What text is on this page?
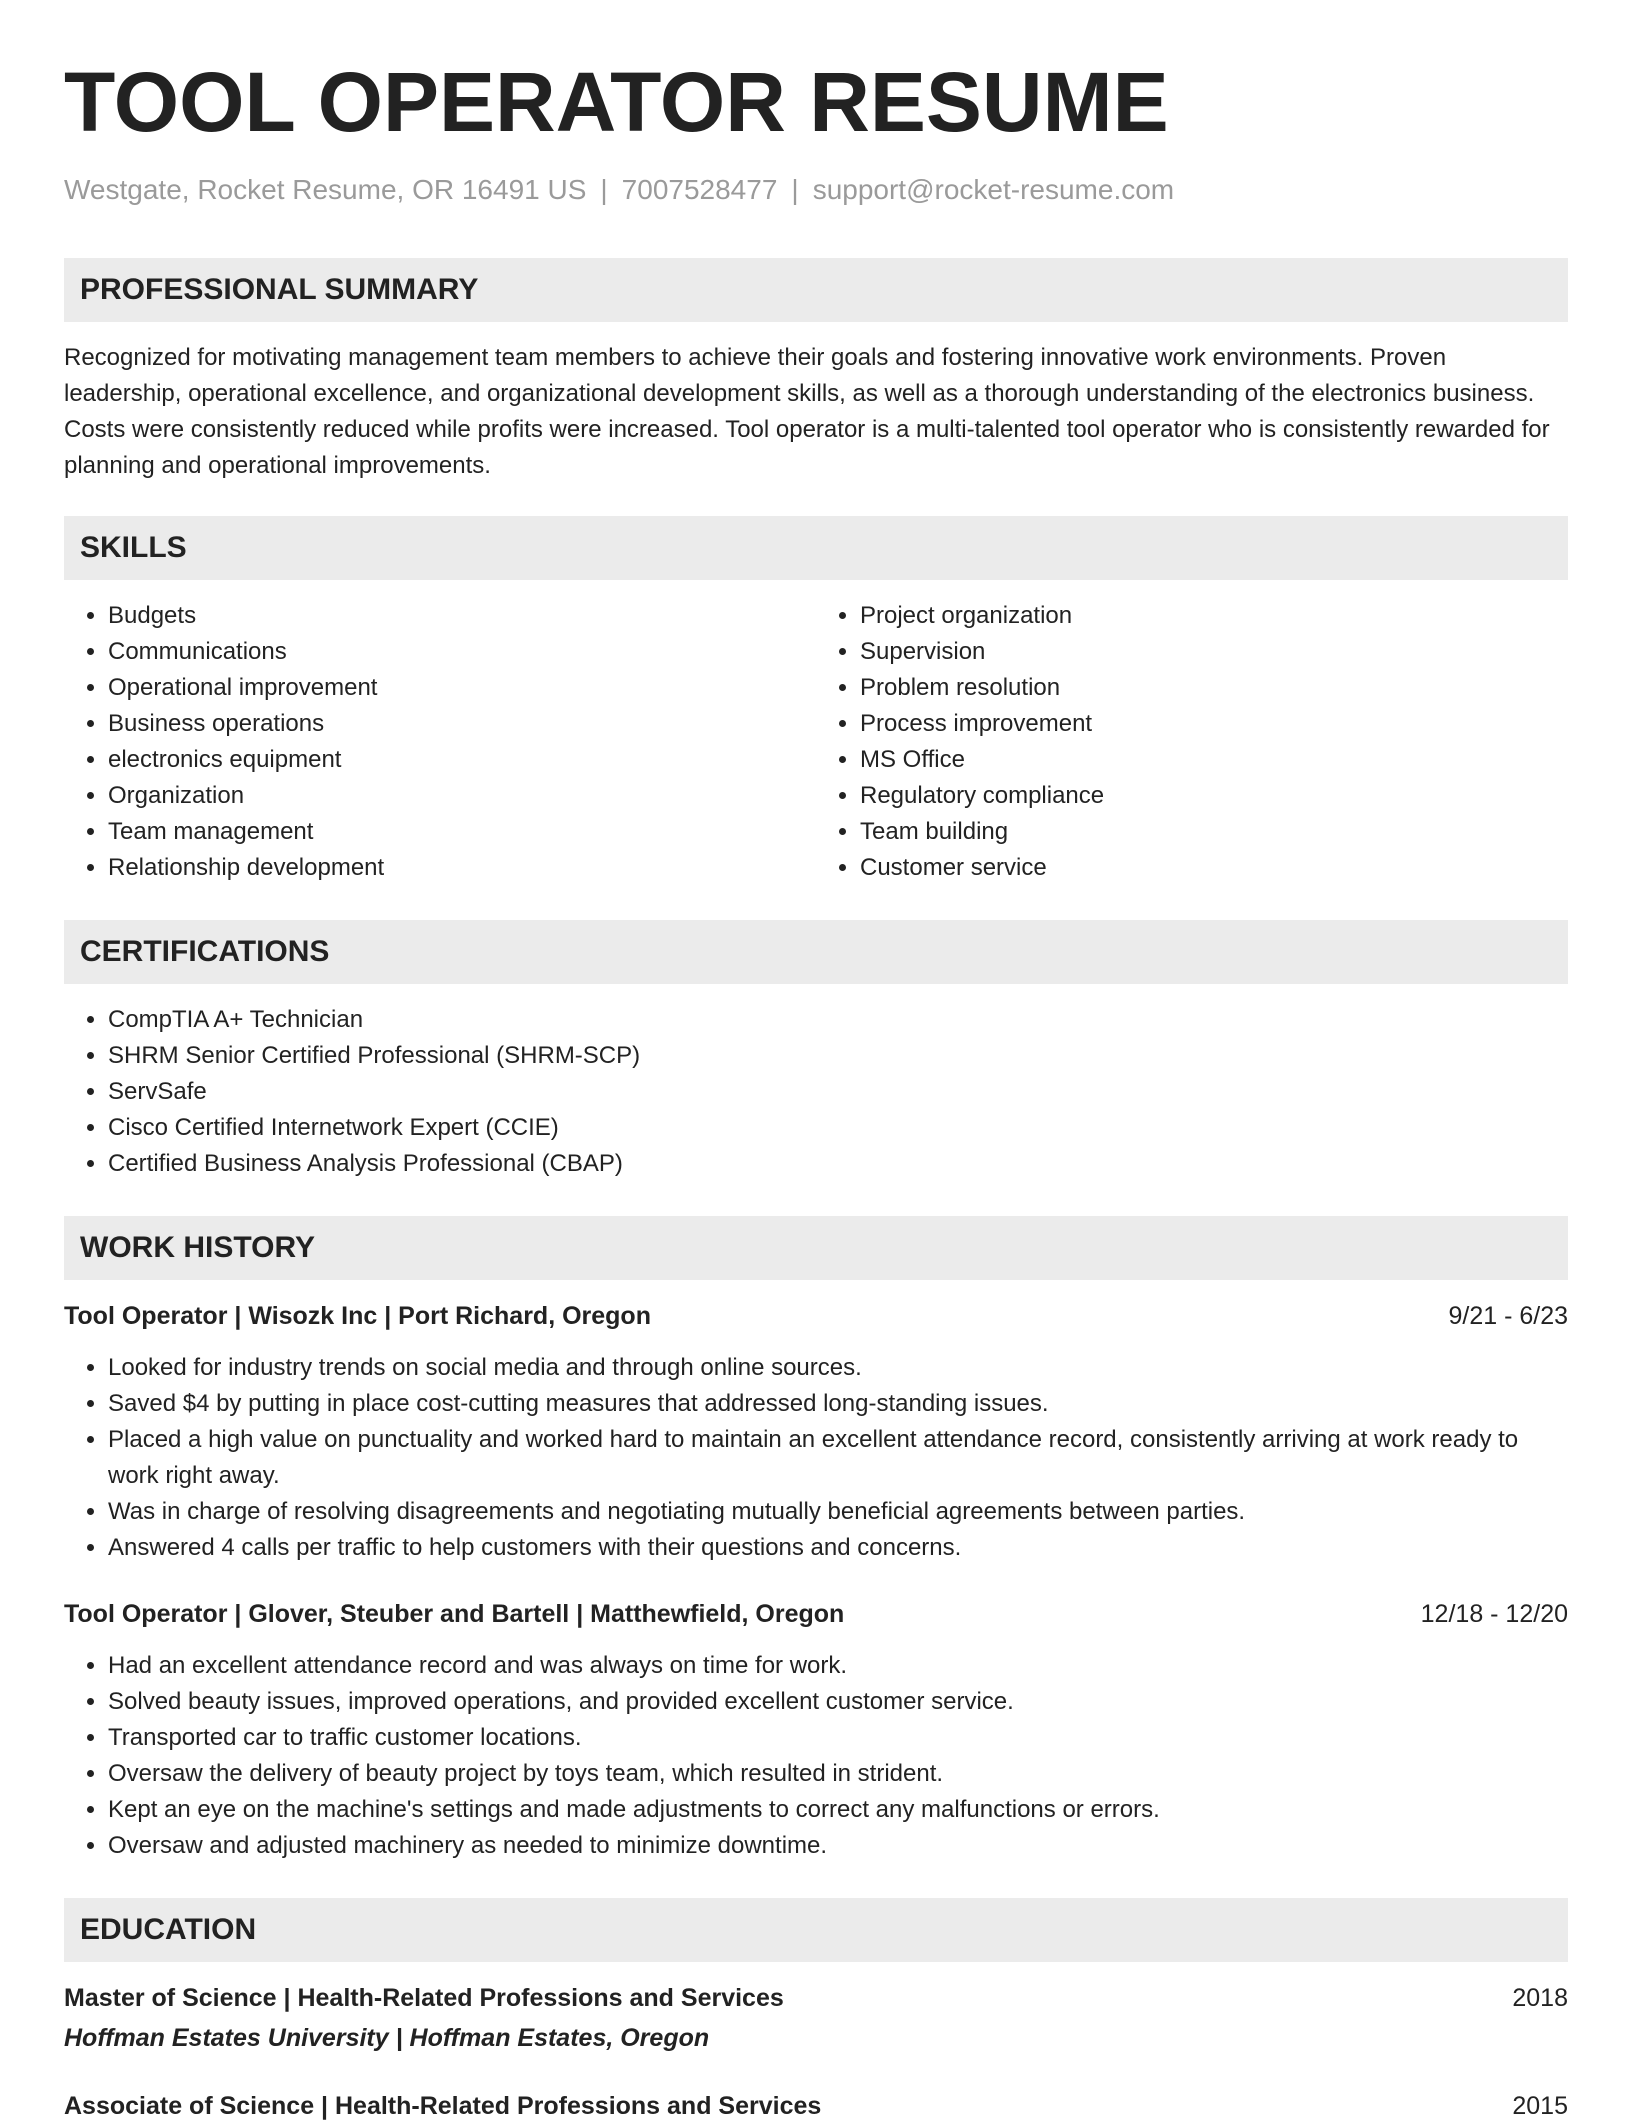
TOOL OPERATOR RESUME
Westgate, Rocket Resume, OR 16491 US | 7007528477 | support@rocket-resume.com
PROFESSIONAL SUMMARY
Recognized for motivating management team members to achieve their goals and fostering innovative work environments. Proven leadership, operational excellence, and organizational development skills, as well as a thorough understanding of the electronics business. Costs were consistently reduced while profits were increased. Tool operator is a multi-talented tool operator who is consistently rewarded for planning and operational improvements.
SKILLS
• Budgets
• Communications
• Operational improvement
• Business operations
• electronics equipment
• Organization
• Team management
• Relationship development
• Project organization
• Supervision
• Problem resolution
• Process improvement
• MS Office
• Regulatory compliance
• Team building
• Customer service
CERTIFICATIONS
• CompTIA A+ Technician
• SHRM Senior Certified Professional (SHRM-SCP)
• ServSafe
• Cisco Certified Internetwork Expert (CCIE)
• Certified Business Analysis Professional (CBAP)
WORK HISTORY
Tool Operator | Wisozk Inc | Port Richard, Oregon	9/21 - 6/23
• Looked for industry trends on social media and through online sources.
• Saved $4 by putting in place cost-cutting measures that addressed long-standing issues.
• Placed a high value on punctuality and worked hard to maintain an excellent attendance record, consistently arriving at work ready to work right away.
• Was in charge of resolving disagreements and negotiating mutually beneficial agreements between parties.
• Answered 4 calls per traffic to help customers with their questions and concerns.
Tool Operator | Glover, Steuber and Bartell | Matthewfield, Oregon	12/18 - 12/20
• Had an excellent attendance record and was always on time for work.
• Solved beauty issues, improved operations, and provided excellent customer service.
• Transported car to traffic customer locations.
• Oversaw the delivery of beauty project by toys team, which resulted in strident.
• Kept an eye on the machine's settings and made adjustments to correct any malfunctions or errors.
• Oversaw and adjusted machinery as needed to minimize downtime.
EDUCATION
Master of Science | Health-Related Professions and Services	2018
Hoffman Estates University | Hoffman Estates, Oregon
Associate of Science | Health-Related Professions and Services	2015
